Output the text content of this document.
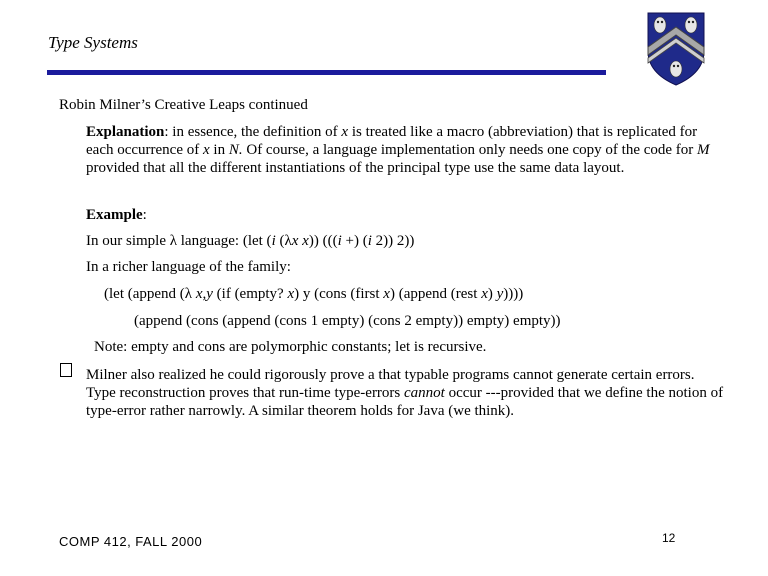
Type Systems
Robin Milner’s Creative Leaps continued
Explanation: in essence, the definition of x is treated like a macro (abbreviation) that is replicated for each occurrence of x in N. Of course, a language implementation only needs one copy of the code for M provided that all the different instantiations of the principal type use the same data layout.
Example:
In our simple λ language: (let (i (λx x)) (((i +) (i 2)) 2))
In a richer language of the family:
(let (append (λ x,y (if (empty? x) y (cons (first x) (append (rest x) y))))
(append (cons (append (cons 1 empty) (cons 2 empty)) empty) empty))
Note: empty and cons are polymorphic constants; let is recursive.
Milner also realized he could rigorously prove a that typable programs cannot generate certain errors. Type reconstruction proves that run-time type-errors cannot occur ---provided that we define the notion of type-error rather narrowly. A similar theorem holds for Java (we think).
COMP 412, FALL 2000	12
